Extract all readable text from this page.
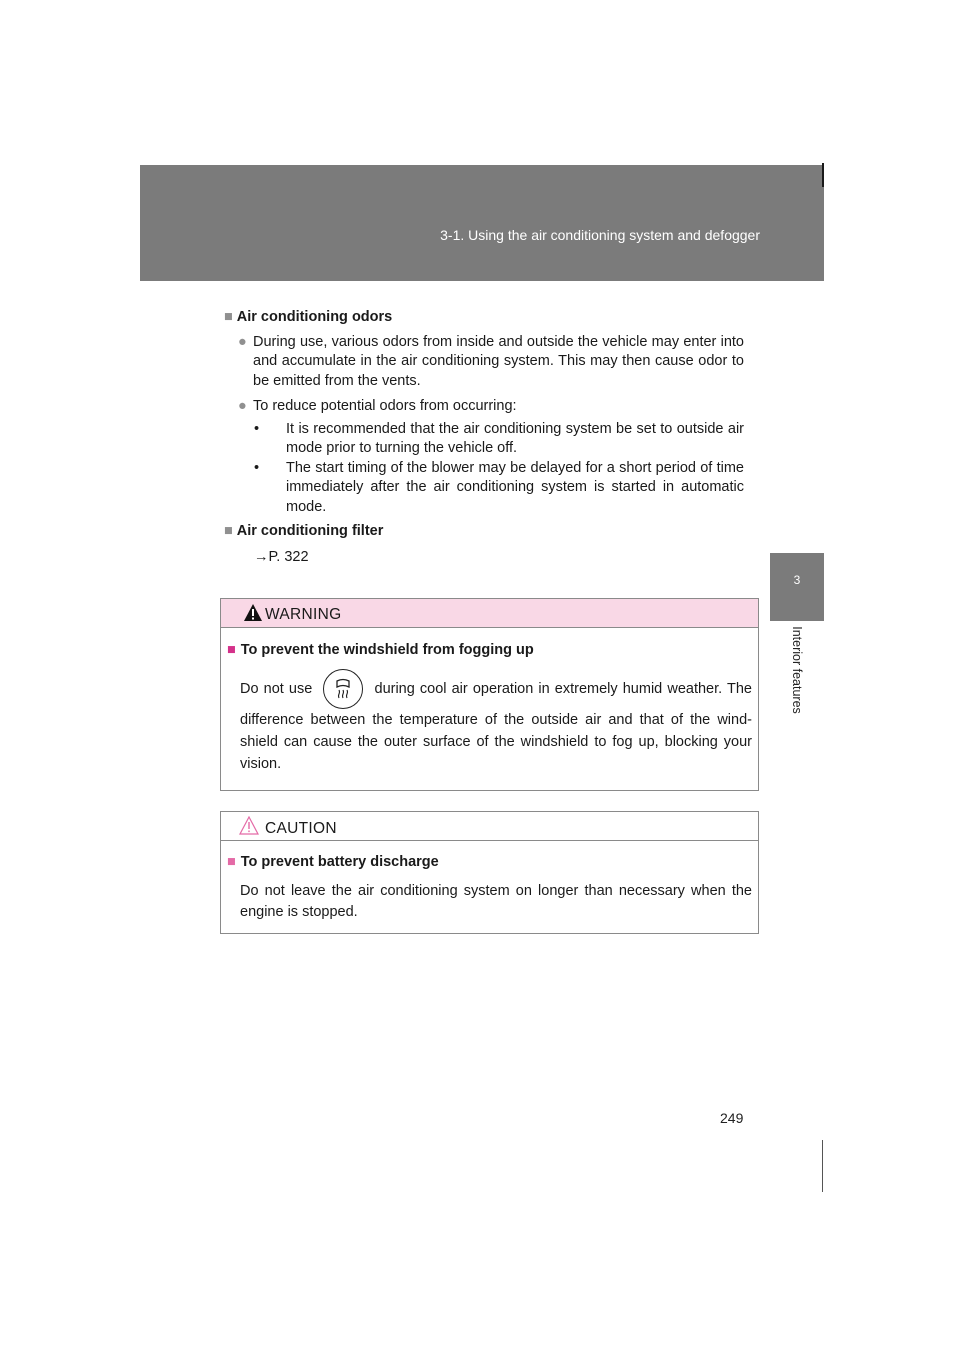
3-1. Using the air conditioning system and defogger
3
Interior features

■ Air conditioning odors

● During use, various odors from inside and outside the vehicle may enter into and accumulate in the air conditioning system. This may then cause odor to be emitted from the vents.
● To reduce potential odors from occurring:
• It is recommended that the air conditioning system be set to outside air mode prior to turning the vehicle off.
• The start timing of the blower may be delayed for a short period of time immediately after the air conditioning system is started in automatic mode.

■ Air conditioning filter

→P. 322

WARNING

■ To prevent the windshield from fogging up

Do not use	during cool air operation in extremely humid weather. The difference between the temperature of the outside air and that of the wind-shield can cause the outer surface of the windshield to fog up, blocking your vision.

CAUTION

■ To prevent battery discharge

Do not leave the air conditioning system on longer than necessary when the engine is stopped.

249
